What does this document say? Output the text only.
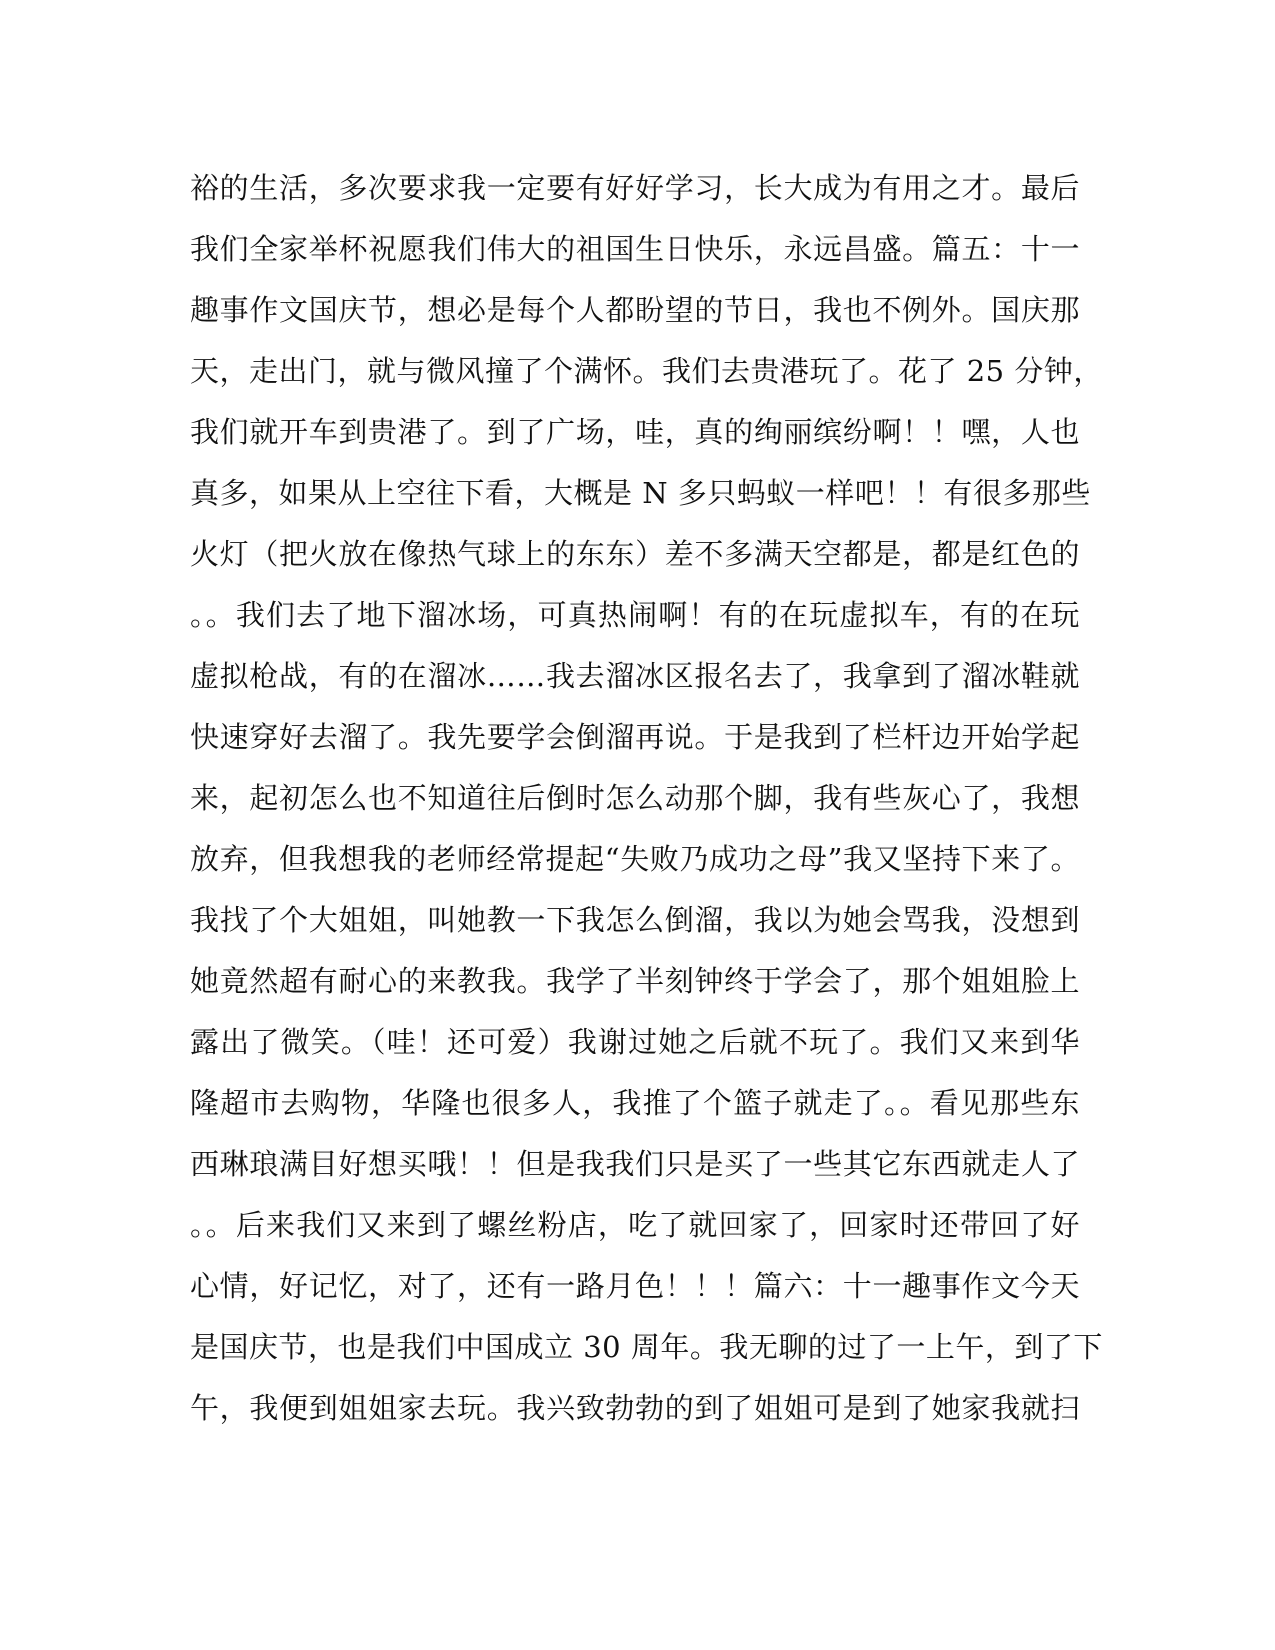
裕的生活，多次要求我一定要有好好学习，长大成为有用之才。最后
我们全家举杯祝愿我们伟大的祖国生日快乐，永远昌盛。篇五：十一
趣事作文国庆节，想必是每个人都盼望的节日，我也不例外。国庆那
天，走出门，就与微风撞了个满怀。我们去贵港玩了。花了 25 分钟，
我们就开车到贵港了。到了广场，哇，真的绚丽缤纷啊！！嘿，人也
真多，如果从上空往下看，大概是 N 多只蚂蚁一样吧！！有很多那些
火灯（把火放在像热气球上的东东）差不多满天空都是，都是红色的
。。我们去了地下溜冰场，可真热闹啊！有的在玩虚拟车，有的在玩
虚拟枪战，有的在溜冰……我去溜冰区报名去了，我拿到了溜冰鞋就
快速穿好去溜了。我先要学会倒溜再说。于是我到了栏杆边开始学起
来，起初怎么也不知道往后倒时怎么动那个脚，我有些灰心了，我想
放弃，但我想我的老师经常提起“失败乃成功之母”我又坚持下来了。
我找了个大姐姐，叫她教一下我怎么倒溜，我以为她会骂我，没想到
她竟然超有耐心的来教我。我学了半刻钟终于学会了，那个姐姐脸上
露出了微笑。（哇！还可爱）我谢过她之后就不玩了。我们又来到华
隆超市去购物，华隆也很多人，我推了个篮子就走了。。看见那些东
西琳琅满目好想买哦！！但是我我们只是买了一些其它东西就走人了
。。后来我们又来到了螺丝粉店，吃了就回家了，回家时还带回了好
心情，好记忆，对了，还有一路月色！！！篇六：十一趣事作文今天
是国庆节，也是我们中国成立 30 周年。我无聊的过了一上午，到了下
午，我便到姐姐家去玩。我兴致勃勃的到了姐姐可是到了她家我就扫
